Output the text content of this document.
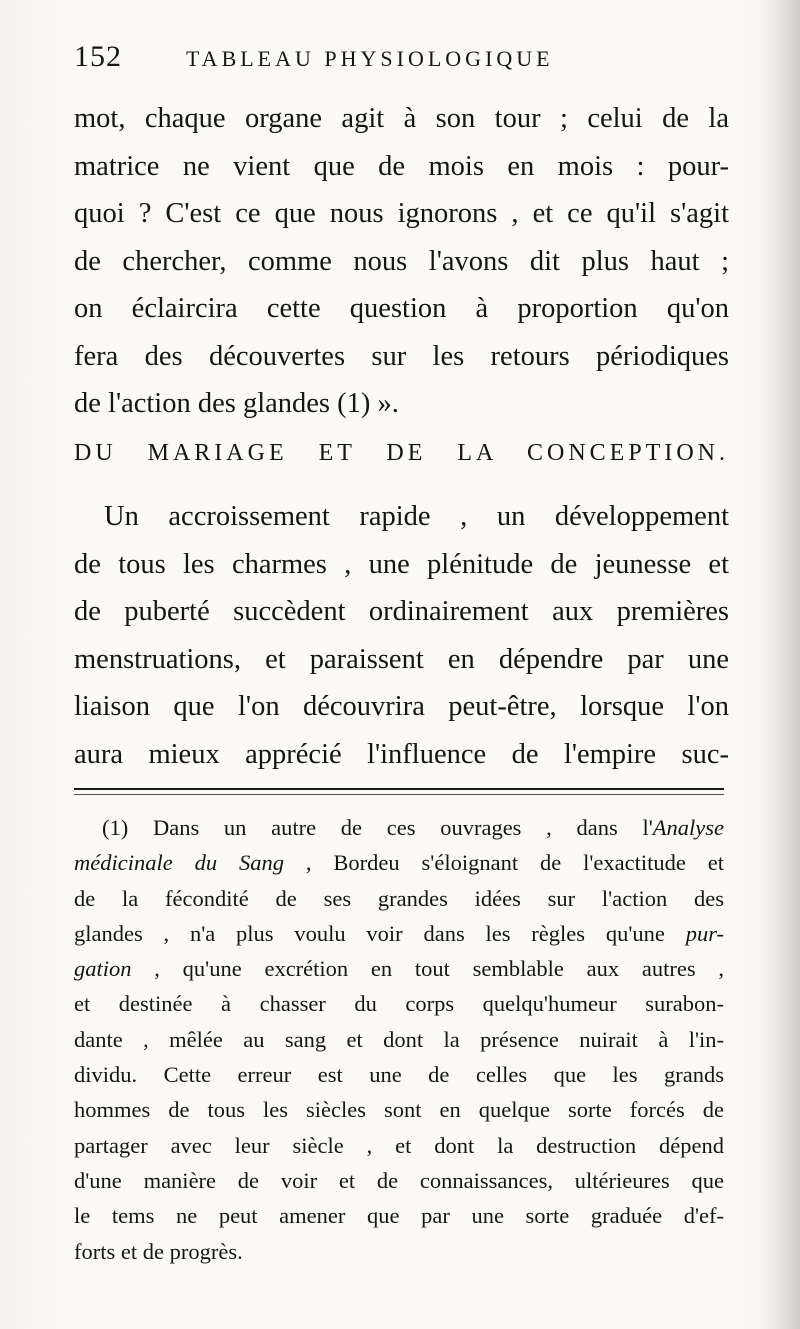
152	TABLEAU PHYSIOLOGIQUE
mot, chaque organe agit à son tour ; celui de la
matrice ne vient que de mois en mois : pour-
quoi ? C'est ce que nous ignorons , et ce qu'il s'agit
de chercher, comme nous l'avons dit plus haut ;
on éclaircira cette question à proportion qu'on
fera des découvertes sur les retours périodiques
de l'action des glandes (1) ».
DU MARIAGE ET DE LA CONCEPTION.
Un accroissement rapide , un développement
de tous les charmes , une plénitude de jeunesse et
de puberté succèdent ordinairement aux premières
menstruations, et paraissent en dépendre par une
liaison que l'on découvrira peut-être, lorsque l'on
aura mieux apprécié l'influence de l'empire suc-
(1) Dans un autre de ces ouvrages , dans l'Analyse
médicinale du Sang , Bordeu s'éloignant de l'exactitude et
de la fécondité de ses grandes idées sur l'action des
glandes , n'a plus voulu voir dans les règles qu'une pur-
gation , qu'une excrétion en tout semblable aux autres ,
et destinée à chasser du corps quelqu'humeur surabon-
dante , mêlée au sang et dont la présence nuirait à l'in-
dividu. Cette erreur est une de celles que les grands
hommes de tous les siècles sont en quelque sorte forcés de
partager avec leur siècle , et dont la destruction dépend
d'une manière de voir et de connaissances, ultérieures que
le tems ne peut amener que par une sorte graduée d'ef-
forts et de progrès.
